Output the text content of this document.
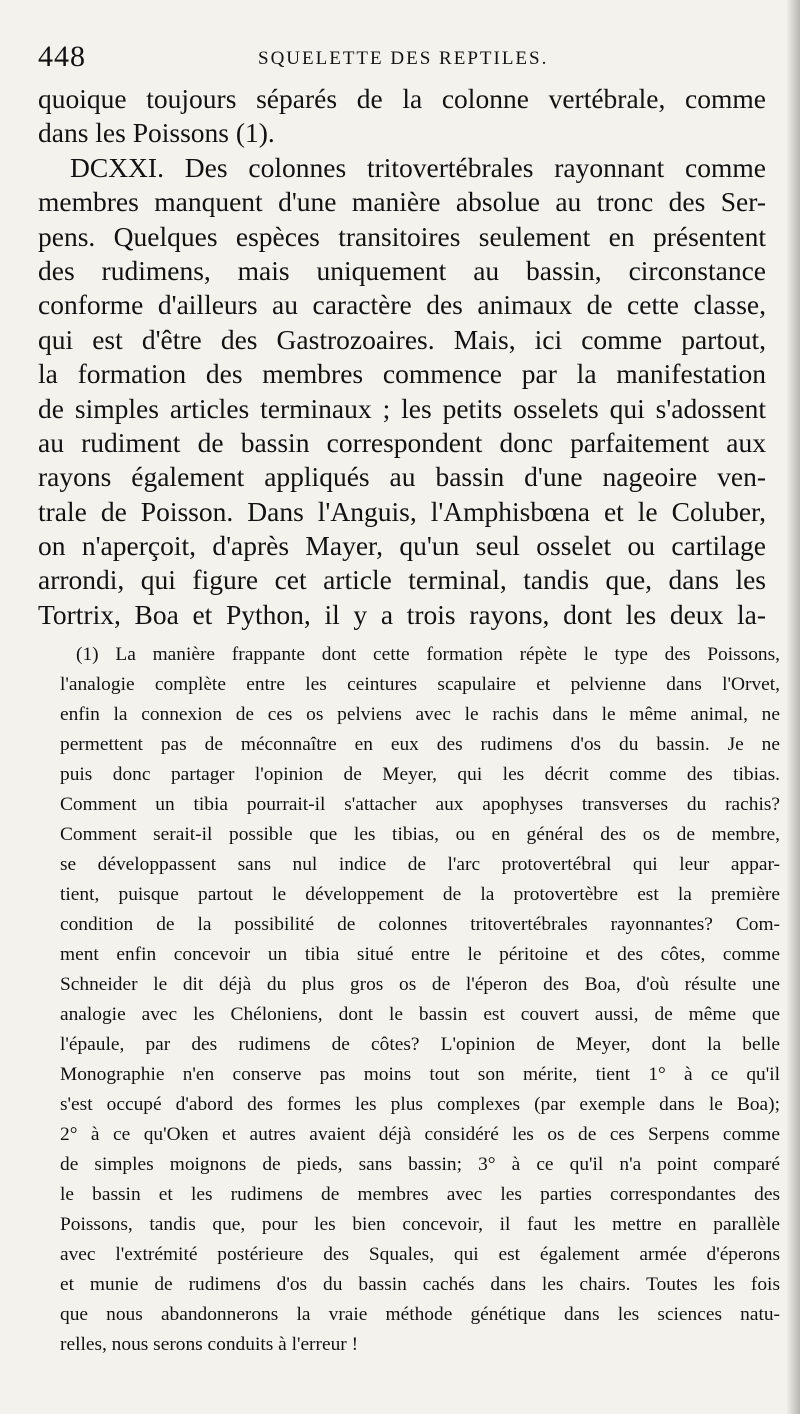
448	SQUELETTE DES REPTILES.
quoique toujours séparés de la colonne vertébrale, comme
dans les Poissons (1).
DCXXI. Des colonnes tritovertébrales rayonnant comme
membres manquent d'une manière absolue au tronc des Ser-
pens. Quelques espèces transitoires seulement en présentent
des rudimens, mais uniquement au bassin, circonstance
conforme d'ailleurs au caractère des animaux de cette classe,
qui est d'être des Gastrozoaires. Mais, ici comme partout,
la formation des membres commence par la manifestation
de simples articles terminaux ; les petits osselets qui s'adossent
au rudiment de bassin correspondent donc parfaitement aux
rayons également appliqués au bassin d'une nageoire ven-
trale de Poisson. Dans l'Anguis, l'Amphisbœna et le Coluber,
on n'aperçoit, d'après Mayer, qu'un seul osselet ou cartilage
arrondi, qui figure cet article terminal, tandis que, dans les
Tortrix, Boa et Python, il y a trois rayons, dont les deux la-
(1) La manière frappante dont cette formation répète le type des Poissons,
l'analogie complète entre les ceintures scapulaire et pelvienne dans l'Orvet,
enfin la connexion de ces os pelviens avec le rachis dans le même animal, ne
permettent pas de méconnaître en eux des rudimens d'os du bassin. Je ne
puis donc partager l'opinion de Meyer, qui les décrit comme des tibias.
Comment un tibia pourrait-il s'attacher aux apophyses transverses du rachis?
Comment serait-il possible que les tibias, ou en général des os de membre,
se développassent sans nul indice de l'arc protovertébral qui leur appar-
tient, puisque partout le développement de la protovertèbre est la première
condition de la possibilité de colonnes tritovertébrales rayonnantes? Com-
ment enfin concevoir un tibia situé entre le péritoine et des côtes, comme
Schneider le dit déjà du plus gros os de l'éperon des Boa, d'où résulte une
analogie avec les Chéloniens, dont le bassin est couvert aussi, de même que
l'épaule, par des rudimens de côtes? L'opinion de Meyer, dont la belle
Monographie n'en conserve pas moins tout son mérite, tient 1° à ce qu'il
s'est occupé d'abord des formes les plus complexes (par exemple dans le Boa);
2° à ce qu'Oken et autres avaient déjà considéré les os de ces Serpens comme
de simples moignons de pieds, sans bassin; 3° à ce qu'il n'a point comparé
le bassin et les rudimens de membres avec les parties correspondantes des
Poissons, tandis que, pour les bien concevoir, il faut les mettre en parallèle
avec l'extrémité postérieure des Squales, qui est également armée d'éperons
et munie de rudimens d'os du bassin cachés dans les chairs. Toutes les fois
que nous abandonnerons la vraie méthode génétique dans les sciences natu-
relles, nous serons conduits à l'erreur !
